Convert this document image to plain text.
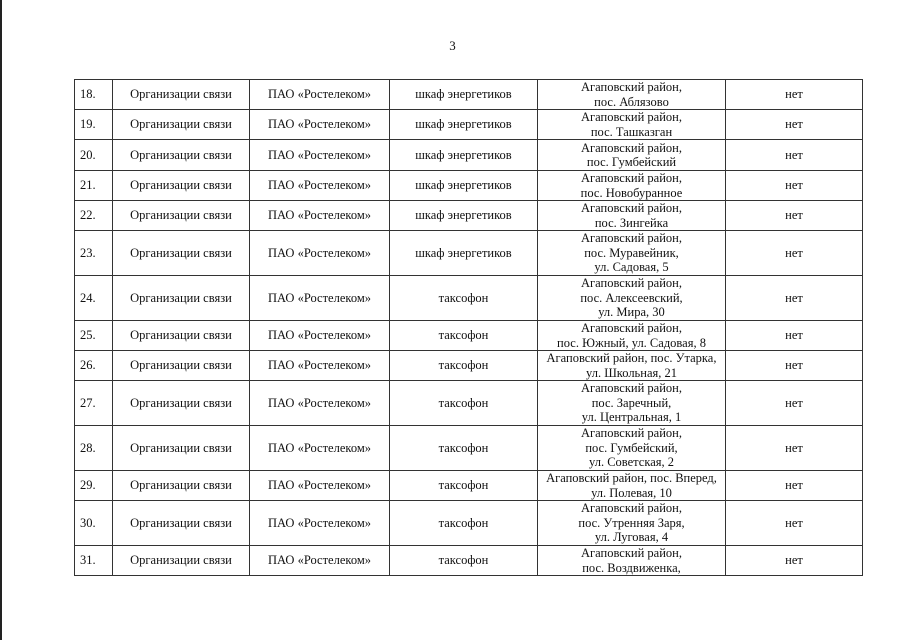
3
18.	Организации связи	ПАО «Ростелеком»	шкаф энергетиков	Агаповский район,
пос. Аблязово	нет
19.	Организации связи	ПАО «Ростелеком»	шкаф энергетиков	Агаповский район,
пос. Ташказган	нет
20.	Организации связи	ПАО «Ростелеком»	шкаф энергетиков	Агаповский район,
пос. Гумбейский	нет
21.	Организации связи	ПАО «Ростелеком»	шкаф энергетиков	Агаповский район,
пос. Новобуранное	нет
22.	Организации связи	ПАО «Ростелеком»	шкаф энергетиков	Агаповский район,
пос. Зингейка	нет
23.	Организации связи	ПАО «Ростелеком»	шкаф энергетиков	Агаповский район,
пос. Муравейник,
ул. Садовая, 5	нет
24.	Организации связи	ПАО «Ростелеком»	таксофон	Агаповский район,
пос. Алексеевский,
ул. Мира, 30	нет
25.	Организации связи	ПАО «Ростелеком»	таксофон	Агаповский район,
пос. Южный, ул. Садовая, 8	нет
26.	Организации связи	ПАО «Ростелеком»	таксофон	Агаповский район, пос. Утарка,
ул. Школьная, 21	нет
27.	Организации связи	ПАО «Ростелеком»	таксофон	Агаповский район,
пос. Заречный,
ул. Центральная, 1	нет
28.	Организации связи	ПАО «Ростелеком»	таксофон	Агаповский район,
пос. Гумбейский,
ул. Советская, 2	нет
29.	Организации связи	ПАО «Ростелеком»	таксофон	Агаповский район, пос. Вперед,
ул. Полевая, 10	нет
30.	Организации связи	ПАО «Ростелеком»	таксофон	Агаповский район,
пос. Утренняя Заря,
ул. Луговая, 4	нет
31.	Организации связи	ПАО «Ростелеком»	таксофон	Агаповский район,
пос. Воздвиженка,	нет
